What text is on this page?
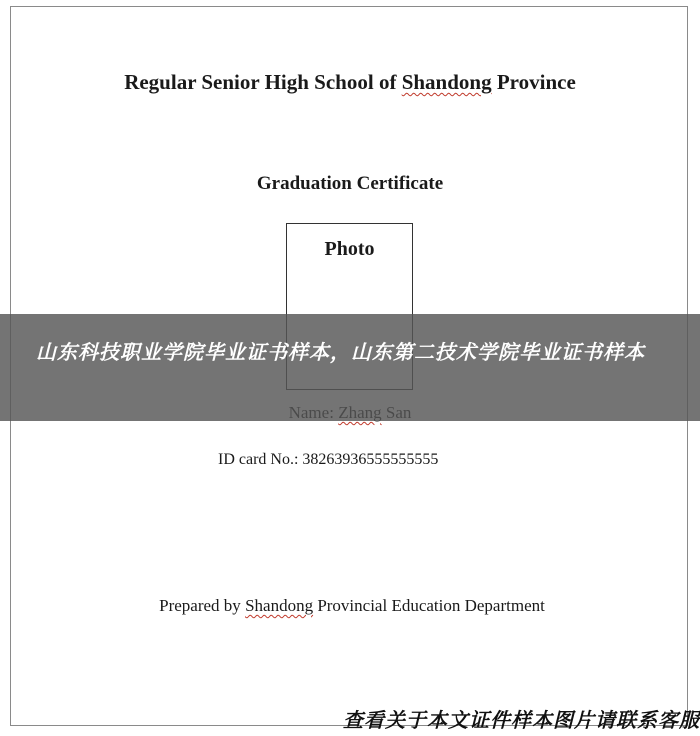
Regular Senior High School of Shandong Province
Graduation Certificate
Photo
ID card No.: 38263936555555555
Prepared by Shandong Provincial Education Department
山东科技职业学院毕业证书样本，山东第二技术学院毕业证书样本
查看关于本文证件样本图片请联系客服
